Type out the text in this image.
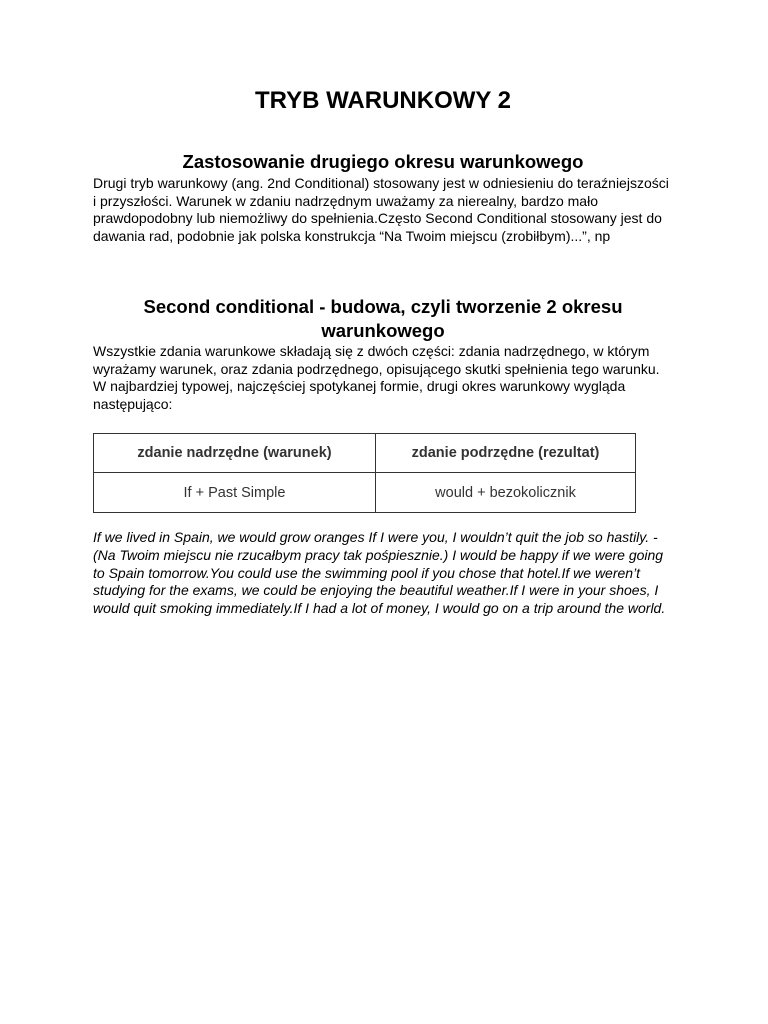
TRYB WARUNKOWY 2
Zastosowanie drugiego okresu warunkowego

Drugi tryb warunkowy (ang. 2nd Conditional) stosowany jest w odniesieniu do teraźniejszości i przyszłości. Warunek w zdaniu nadrzędnym uważamy za nierealny, bardzo mało prawdopodobny lub niemożliwy do spełnienia.Często Second Conditional stosowany jest do dawania rad, podobnie jak polska konstrukcja “Na Twoim miejscu (zrobiłbym)...”, np

Second conditional - budowa, czyli tworzenie 2 okresu warunkowego

Wszystkie zdania warunkowe składają się z dwóch części: zdania nadrzędnego, w którym wyrażamy warunek, oraz zdania podrzędnego, opisującego skutki spełnienia tego warunku. W najbardziej typowej, najczęściej spotykanej formie, drugi okres warunkowy wygląda następująco:

zdanie nadrzędne (warunek)	zdanie podrzędne (rezultat)
If + Past Simple	would + bezokolicznik

If we lived in Spain, we would grow oranges If I were you, I wouldn’t quit the job so hastily. - (Na Twoim miejscu nie rzucałbym pracy tak pośpiesznie.) I would be happy if we were going to Spain tomorrow.You could use the swimming pool if you chose that hotel.If we weren’t studying for the exams, we could be enjoying the beautiful weather.If I were in your shoes, I would quit smoking immediately.If I had a lot of money, I would go on a trip around the world.
